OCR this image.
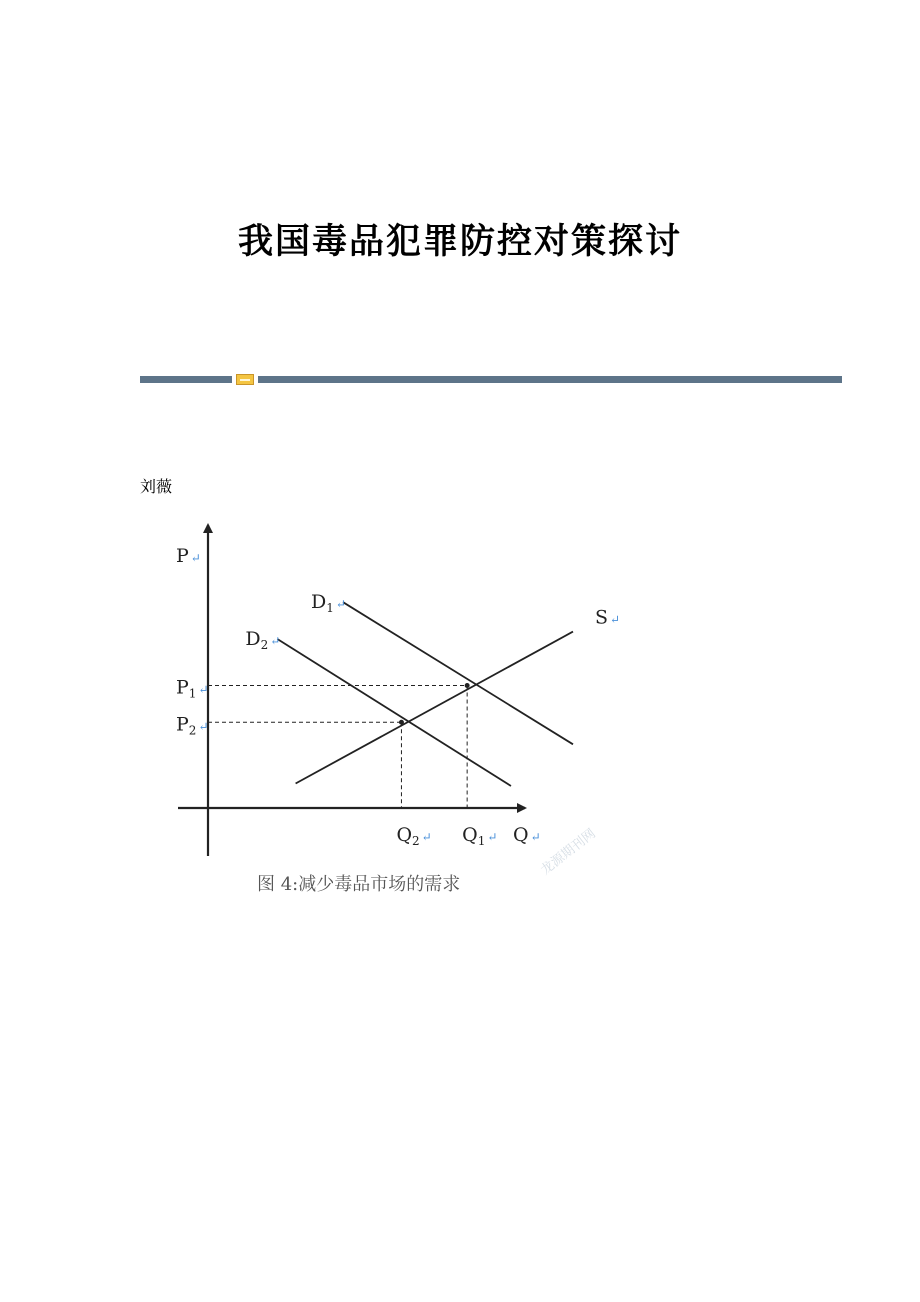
我国毒品犯罪防控对策探讨
刘薇
P ↵
Q ↵
$P_1$ ↵
$Q_1$ ↵
$P_2$ ↵
$Q_2$ ↵
$D_1$ ↵
$D_2$ ↵
S ↵
龙源期刊网
图 4:减少毒品市场的需求
